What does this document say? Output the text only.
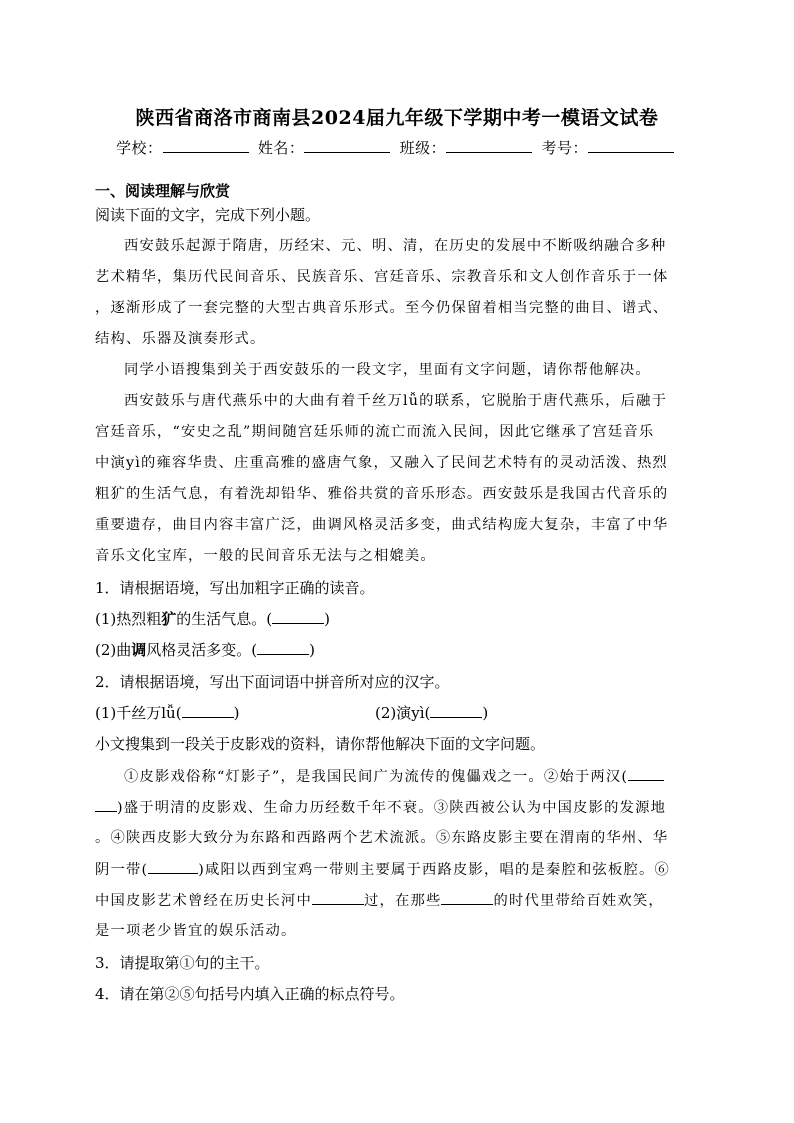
陕西省商洛市商南县2024届九年级下学期中考一模语文试卷
学校：	姓名：	班级：	考号：
一、阅读理解与欣赏
阅读下面的文字，完成下列小题。
西安鼓乐起源于隋唐，历经宋、元、明、清，在历史的发展中不断吸纳融合多种
艺术精华，集历代民间音乐、民族音乐、宫廷音乐、宗教音乐和文人创作音乐于一体
，逐渐形成了一套完整的大型古典音乐形式。至今仍保留着相当完整的曲目、谱式、
结构、乐器及演奏形式。
同学小语搜集到关于西安鼓乐的一段文字，里面有文字问题，请你帮他解决。
西安鼓乐与唐代燕乐中的大曲有着千丝万lǚ的联系，它脱胎于唐代燕乐，后融于
宫廷音乐，“安史之乱”期间随宫廷乐师的流亡而流入民间，因此它继承了宫廷音乐
中演yì的雍容华贵、庄重高雅的盛唐气象，又融入了民间艺术特有的灵动活泼、热烈
粗犷的生活气息，有着洗却铅华、雅俗共赏的音乐形态。西安鼓乐是我国古代音乐的
重要遗存，曲目内容丰富广泛，曲调风格灵活多变，曲式结构庞大复杂，丰富了中华
音乐文化宝库，一般的民间音乐无法与之相媲美。
1．请根据语境，写出加粗字正确的读音。
(1)热烈粗犷的生活气息。(	)
(2)曲调风格灵活多变。(	)
2．请根据语境，写出下面词语中拼音所对应的汉字。
(1)千丝万lǚ(	)	(2)演yì(	)
小文搜集到一段关于皮影戏的资料，请你帮他解决下面的文字问题。
①皮影戏俗称“灯影子”，是我国民间广为流传的傀儡戏之一。②始于两汉(
)盛于明清的皮影戏、生命力历经数千年不衰。③陕西被公认为中国皮影的发源地
。④陕西皮影大致分为东路和西路两个艺术流派。⑤东路皮影主要在渭南的华州、华
阴一带(	)咸阳以西到宝鸡一带则主要属于西路皮影，唱的是秦腔和弦板腔。⑥
中国皮影艺术曾经在历史长河中	过，在那些	的时代里带给百姓欢笑，
是一项老少皆宜的娱乐活动。
3．请提取第①句的主干。
4．请在第②⑤句括号内填入正确的标点符号。
